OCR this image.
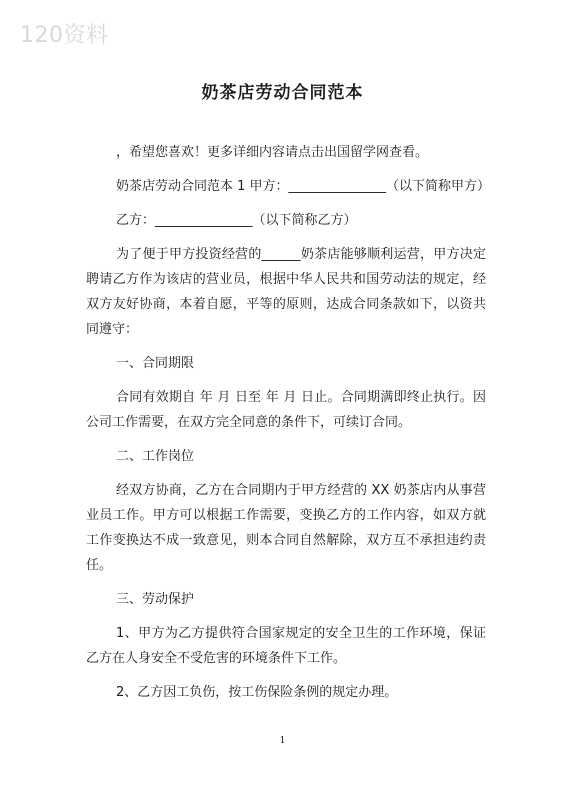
120资料
奶茶店劳动合同范本

，希望您喜欢！更多详细内容请点击出国留学网查看。

奶茶店劳动合同范本 1 甲方：_______________（以下简称甲方）

乙方：_______________（以下简称乙方）

为了便于甲方投资经营的______奶茶店能够顺利运营，甲方决定聘请乙方作为该店的营业员，根据中华人民共和国劳动法的规定，经双方友好协商，本着自愿，平等的原则，达成合同条款如下，以资共同遵守：

一、合同期限

合同有效期自 年 月 日至 年 月 日止。合同期满即终止执行。因公司工作需要，在双方完全同意的条件下，可续订合同。

二、工作岗位

经双方协商，乙方在合同期内于甲方经营的 XX 奶茶店内从事营业员工作。甲方可以根据工作需要，变换乙方的工作内容，如双方就工作变换达不成一致意见，则本合同自然解除，双方互不承担违约责任。

三、劳动保护

1、甲方为乙方提供符合国家规定的安全卫生的工作环境，保证乙方在人身安全不受危害的环境条件下工作。

2、乙方因工负伤，按工伤保险条例的规定办理。

1
